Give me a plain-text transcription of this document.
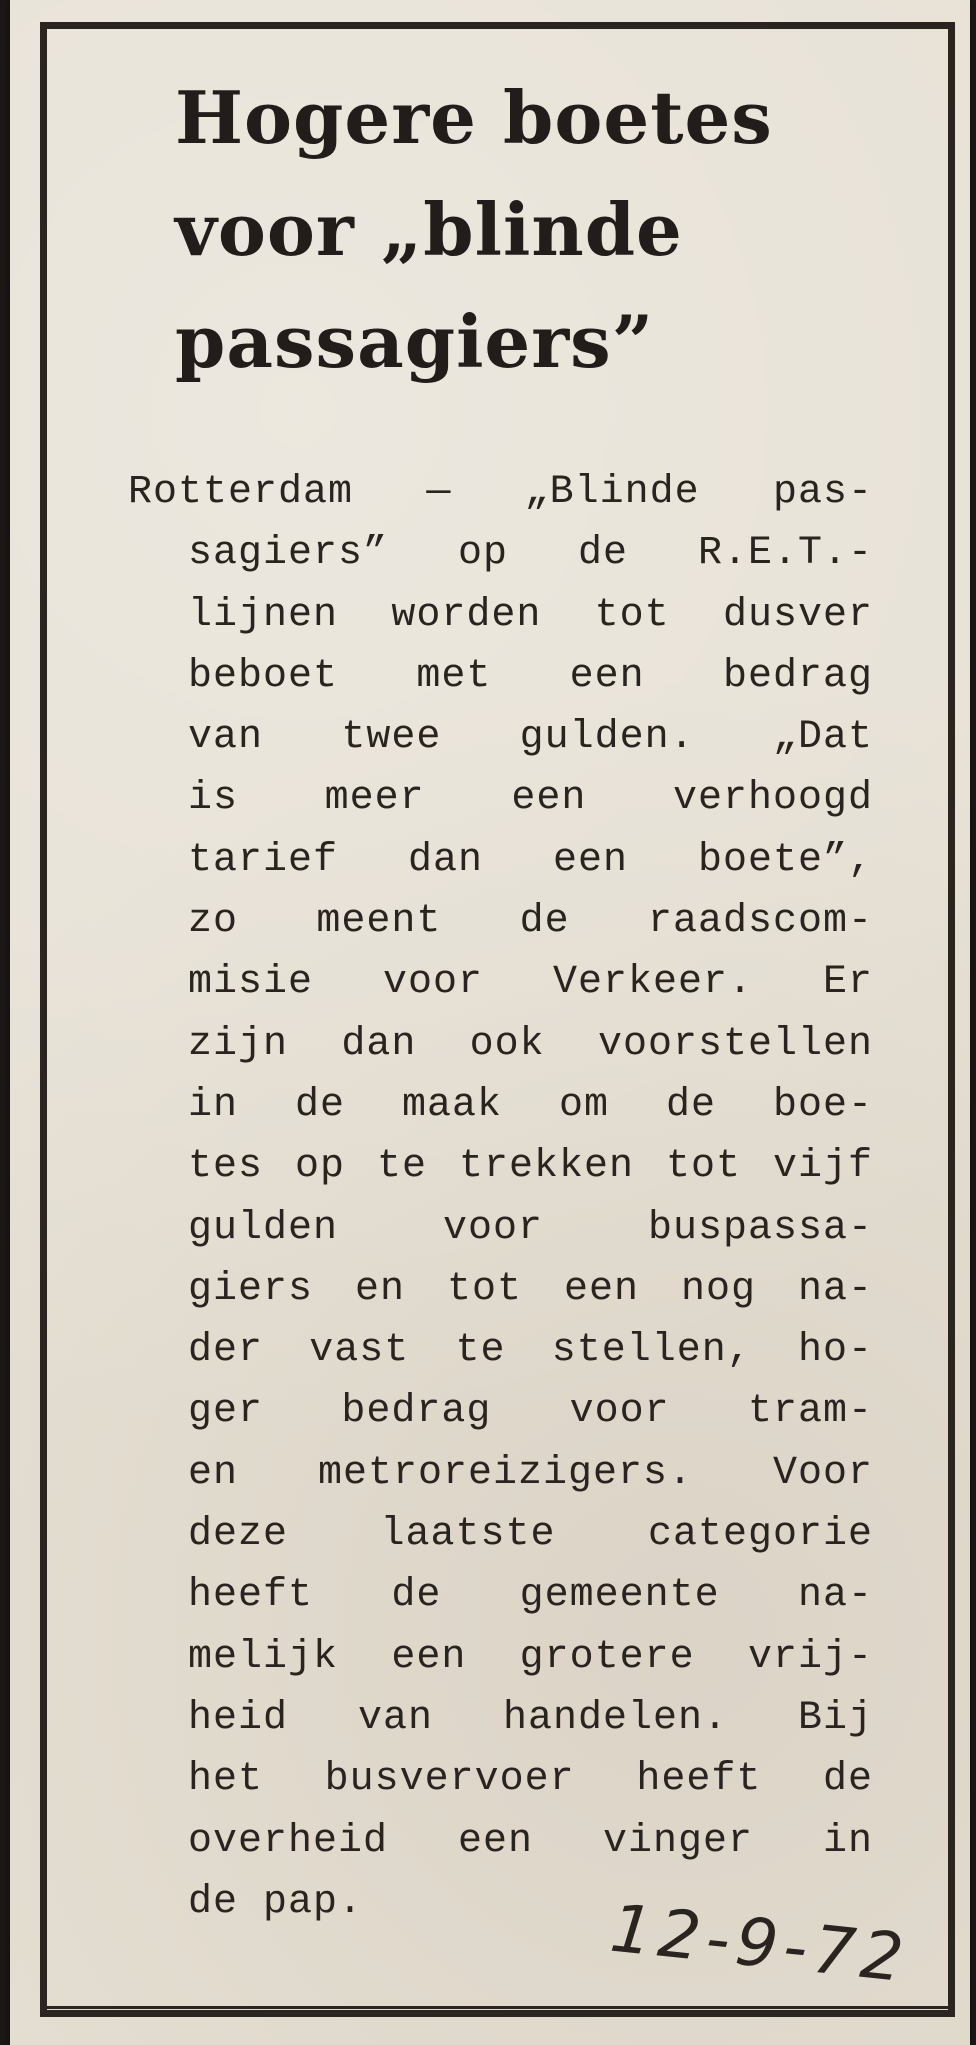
Hogere boetes
voor „blinde
passagiers”
Rotterdam — „Blinde pas-
sagiers” op de R.E.T.-
lijnen worden tot dusver
beboet met een bedrag
van twee gulden. „Dat
is meer een verhoogd
tarief dan een boete”,
zo meent de raadscom-
misie voor Verkeer. Er
zijn dan ook voorstellen
in de maak om de boe-
tes op te trekken tot vijf
gulden voor buspassa-
giers en tot een nog na-
der vast te stellen, ho-
ger bedrag voor tram-
en metroreizigers. Voor
deze laatste categorie
heeft de gemeente na-
melijk een grotere vrij-
heid van handelen. Bij
het busvervoer heeft de
overheid een vinger in
de pap.	12-9-72
